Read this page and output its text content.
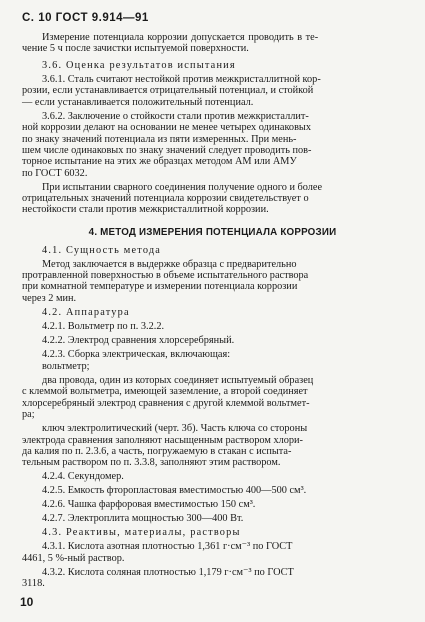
С. 10 ГОСТ 9.914—91
Измерение потенциала коррозии допускается проводить в те-
чение 5 ч после зачистки испытуемой поверхности.
3.6. Оценка результатов испытания
3.6.1. Сталь считают нестойкой против межкристаллитной кор-
розии, если устанавливается отрицательный потенциал, и стойкой
— если устанавливается положительный потенциал.
3.6.2. Заключение о стойкости стали против межкристаллит-
ной коррозии делают на основании не менее четырех одинаковых
по знаку значений потенциала из пяти измеренных. При мень-
шем числе одинаковых по знаку значений следует проводить пов-
торное испытание на этих же образцах методом АМ или АМУ
по ГОСТ 6032.
При испытании сварного соединения получение одного и более
отрицательных значений потенциала коррозии свидетельствует о
нестойкости стали против межкристаллитной коррозии.
4. МЕТОД ИЗМЕРЕНИЯ ПОТЕНЦИАЛА КОРРОЗИИ
4.1. Сущность метода
Метод заключается в выдержке образца с предварительно
протравленной поверхностью в объеме испытательного раствора
при комнатной температуре и измерении потенциала коррозии
через 2 мин.
4.2. Аппаратура
4.2.1. Вольтметр по п. 3.2.2.
4.2.2. Электрод сравнения хлорсеребряный.
4.2.3. Сборка электрическая, включающая:
вольтметр;
два провода, один из которых соединяет испытуемый образец
с клеммой вольтметра, имеющей заземление, а второй соединяет
хлорсеребряный электрод сравнения с другой клеммой вольтмет-
ра;
ключ электролитический (черт. 3б). Часть ключа со стороны
электрода сравнения заполняют насыщенным раствором хлори-
да калия по п. 2.3.6, а часть, погружаемую в стакан с испыта-
тельным раствором по п. 3.3.8, заполняют этим раствором.
4.2.4. Секундомер.
4.2.5. Емкость фторопластовая вместимостью 400—500 см³.
4.2.6. Чашка фарфоровая вместимостью 150 см³.
4.2.7. Электроплита мощностью 300—400 Вт.
4.3. Реактивы, материалы, растворы
4.3.1. Кислота азотная плотностью 1,361 г·см⁻³ по ГОСТ
4461, 5 %-ный раствор.
4.3.2. Кислота соляная плотностью 1,179 г·см⁻³ по ГОСТ
3118.
10
